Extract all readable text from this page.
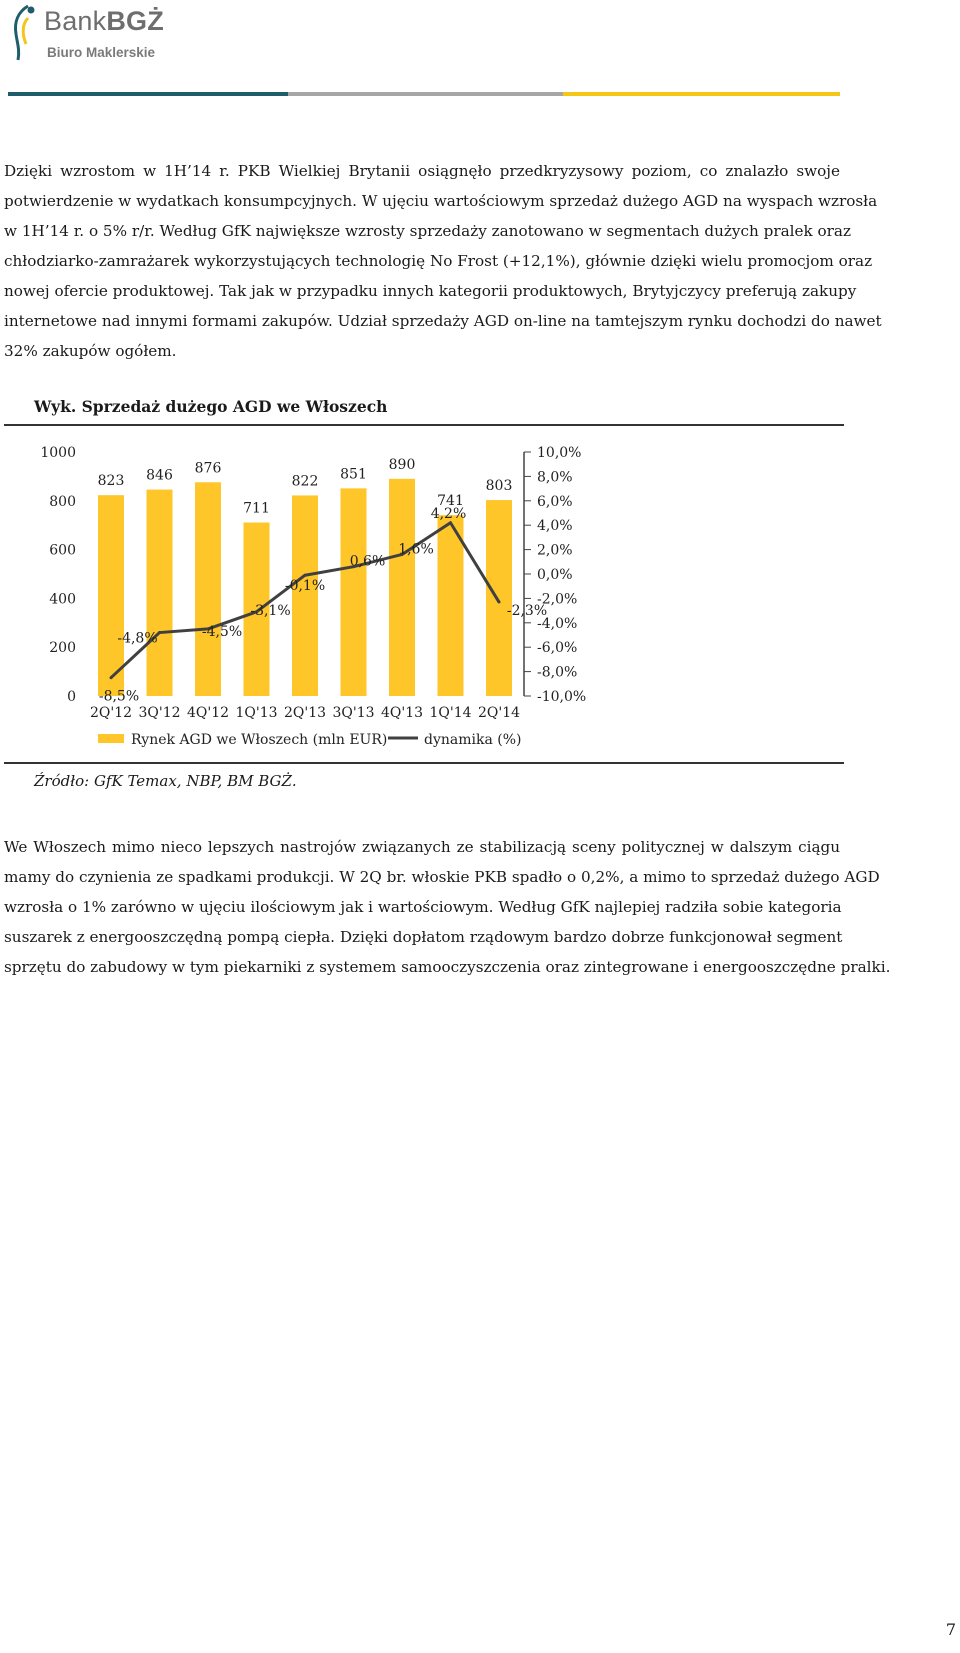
BankBGŻ
Biuro Maklerskie
Dzięki wzrostom w 1H’14 r. PKB Wielkiej Brytanii osiągnęło przedkryzysowy poziom, co znalazło swoje
potwierdzenie w wydatkach konsumpcyjnych. W ujęciu wartościowym sprzedaż dużego AGD na wyspach wzrosła
w 1H’14 r. o 5% r/r. Według GfK największe wzrosty sprzedaży zanotowano w segmentach dużych pralek oraz
chłodziarko-zamrażarek wykorzystujących technologię No Frost (+12,1%), głównie dzięki wielu promocjom oraz
nowej ofercie produktowej. Tak jak w przypadku innych kategorii produktowych, Brytyjczycy preferują zakupy
internetowe nad innymi formami zakupów. Udział sprzedaży AGD on-line na tamtejszym rynku dochodzi do nawet
32% zakupów ogółem.
Wyk. Sprzedaż dużego AGD we Włoszech
0
200
400
600
800
1000
-10,0%
-8,0%
-6,0%
-4,0%
-2,0%
0,0%
2,0%
4,0%
6,0%
8,0%
10,0%
823 846 876
711
822 851
890
741
803
2Q'12 3Q'12 4Q'12 1Q'13 2Q'13 3Q'13 4Q'13 1Q'14 2Q'14
-8,5%
-4,8%	-4,5%
-3,1%
-0,1%
0,6%
1,6%
4,2%
-2,3%
Rynek AGD we Włoszech (mln EUR)	dynamika (%)
Źródło: GfK Temax, NBP, BM BGŻ.
We Włoszech mimo nieco lepszych nastrojów związanych ze stabilizacją sceny politycznej w dalszym ciągu
mamy do czynienia ze spadkami produkcji. W 2Q br. włoskie PKB spadło o 0,2%, a mimo to sprzedaż dużego AGD
wzrosła o 1% zarówno w ujęciu ilościowym jak i wartościowym. Według GfK najlepiej radziła sobie kategoria
suszarek z energooszczędną pompą ciepła. Dzięki dopłatom rządowym bardzo dobrze funkcjonował segment
sprzętu do zabudowy w tym piekarniki z systemem samooczyszczenia oraz zintegrowane i energooszczędne pralki.
7
